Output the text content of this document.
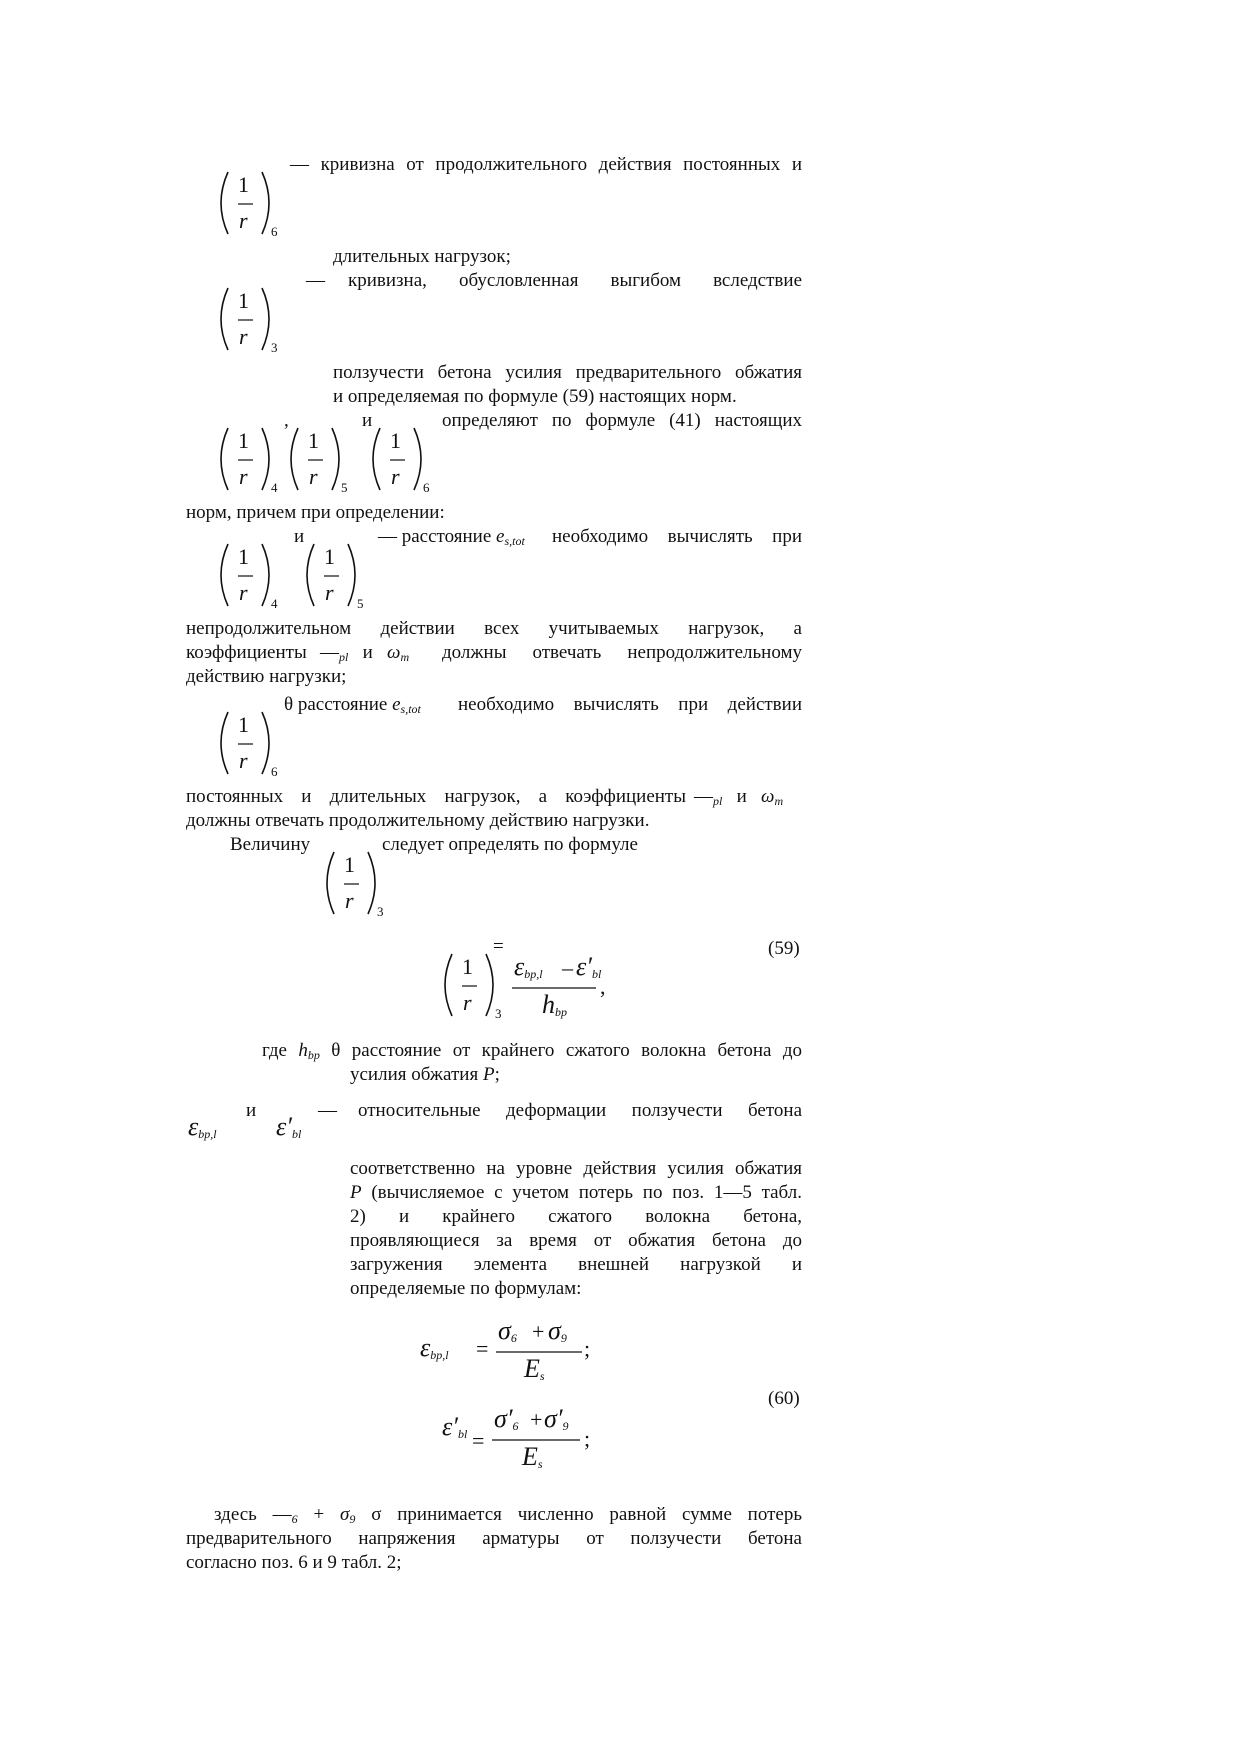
— кривизна от продолжительного действия постоянных и
1
r 6
длительных нагрузок;
— кривизна, обусловленная выгибом вследствие
1
r 3
ползучести бетона усилия предварительного обжатия
и определяемая по формуле (59) настоящих норм.
,	и	определяют по формуле (41) настоящих
1
r 4
1
r 5
1
r 6
норм, причем при определении:
и	— расстояние $e_{s,tot}$ необходимо вычислять при
1
r 4
1
r 5
непродолжительном действии всех учитываемых нагрузок, а
коэффициенты $—_{pl}$ и $\omega_m$ должны отвечать непродолжительному
действию нагрузки;
θ расстояние $e_{s,tot}$ необходимо вычислять при действии
1
r 6
постоянных и длительных нагрузок, а коэффициенты $—_{pl}$ и $\omega_m$
должны отвечать продолжительному действию нагрузки.
Величину	следует определять по формуле
1
r 3
=	(59)
1
r 3
$\varepsilon_{bp,l} - \varepsilon'_{bl}$
$h_{bp}$
,
где $h_{bp}$ θ расстояние от крайнего сжатого волокна бетона до
усилия обжатия P;
и	— относительные деформации ползучести бетона
$\varepsilon_{bp,l}$ $\varepsilon'_{bl}$
соответственно на уровне действия усилия обжатия
P (вычисляемое с учетом потерь по поз. 1—5 табл.
2) и крайнего сжатого волокна бетона,
проявляющиеся за время от обжатия бетона до
загружения элемента внешней нагрузкой и
определяемые по формулам:
$\varepsilon_{bp,l}$ =
$\sigma_6 + \sigma_9$
$E_s$
;
(60)
$\varepsilon'_{bl}$ =
$\sigma'_6 + \sigma'_9$
$E_s$
;
здесь $—_6 + \sigma_9$ σ принимается численно равной сумме потерь
предварительного напряжения арматуры от ползучести бетона
согласно поз. 6 и 9 табл. 2;
